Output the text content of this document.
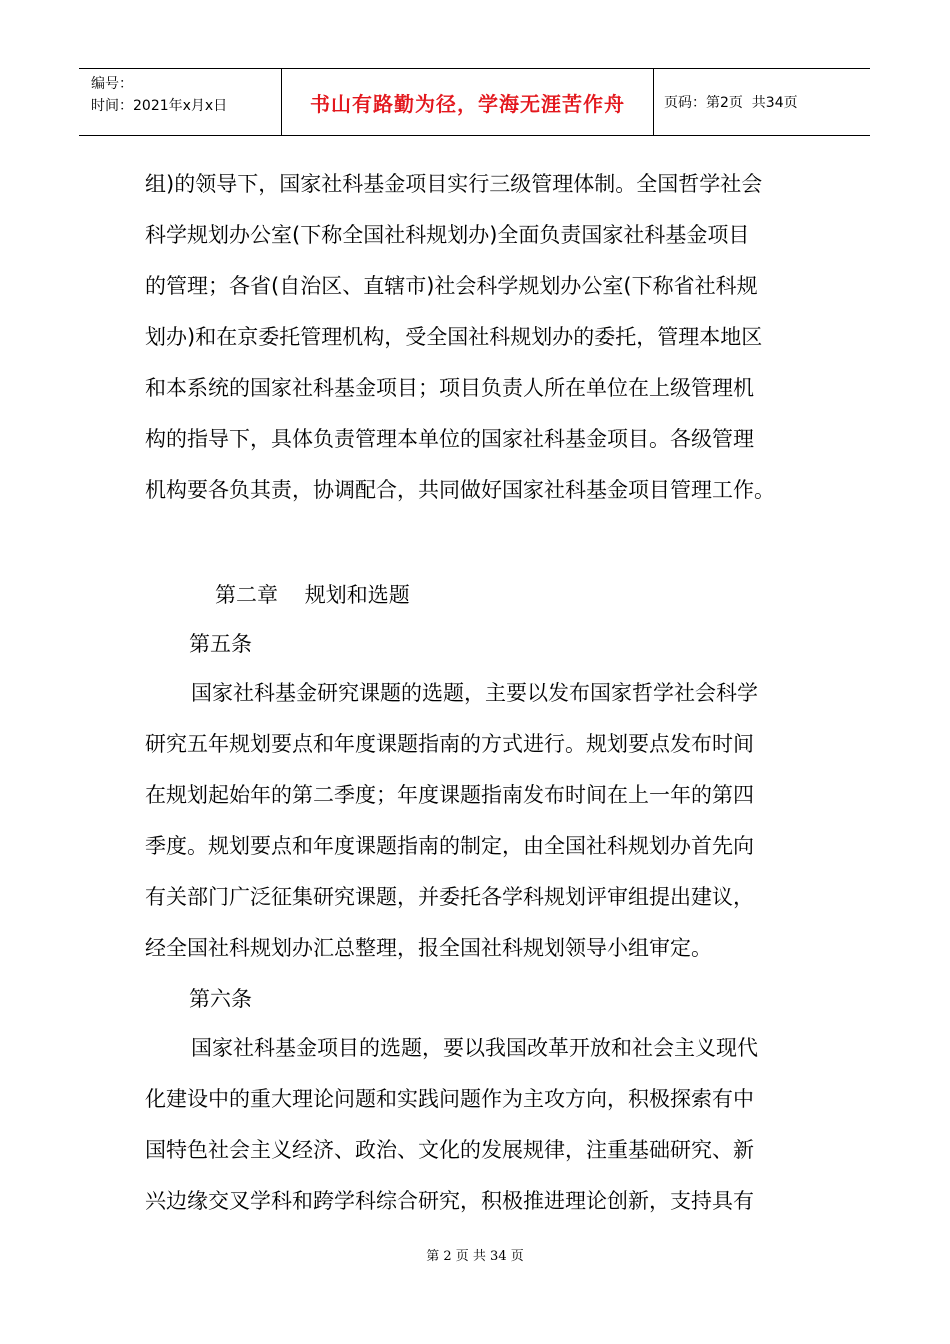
编号：
时间：2021年x月x日	书山有路勤为径，学海无涯苦作舟	页码：第2页  共34页
组)的领导下，国家社科基金项目实行三级管理体制。全国哲学社会
科学规划办公室(下称全国社科规划办)全面负责国家社科基金项目
的管理；各省(自治区、直辖市)社会科学规划办公室(下称省社科规
划办)和在京委托管理机构，受全国社科规划办的委托，管理本地区
和本系统的国家社科基金项目；项目负责人所在单位在上级管理机
构的指导下，具体负责管理本单位的国家社科基金项目。各级管理
机构要各负其责，协调配合，共同做好国家社科基金项目管理工作。
第二章    规划和选题
第五条
国家社科基金研究课题的选题，主要以发布国家哲学社会科学
研究五年规划要点和年度课题指南的方式进行。规划要点发布时间
在规划起始年的第二季度；年度课题指南发布时间在上一年的第四
季度。规划要点和年度课题指南的制定，由全国社科规划办首先向
有关部门广泛征集研究课题，并委托各学科规划评审组提出建议，
经全国社科规划办汇总整理，报全国社科规划领导小组审定。
第六条
国家社科基金项目的选题，要以我国改革开放和社会主义现代
化建设中的重大理论问题和实践问题作为主攻方向，积极探索有中
国特色社会主义经济、政治、文化的发展规律，注重基础研究、新
兴边缘交叉学科和跨学科综合研究，积极推进理论创新，支持具有
第 2 页 共 34 页
